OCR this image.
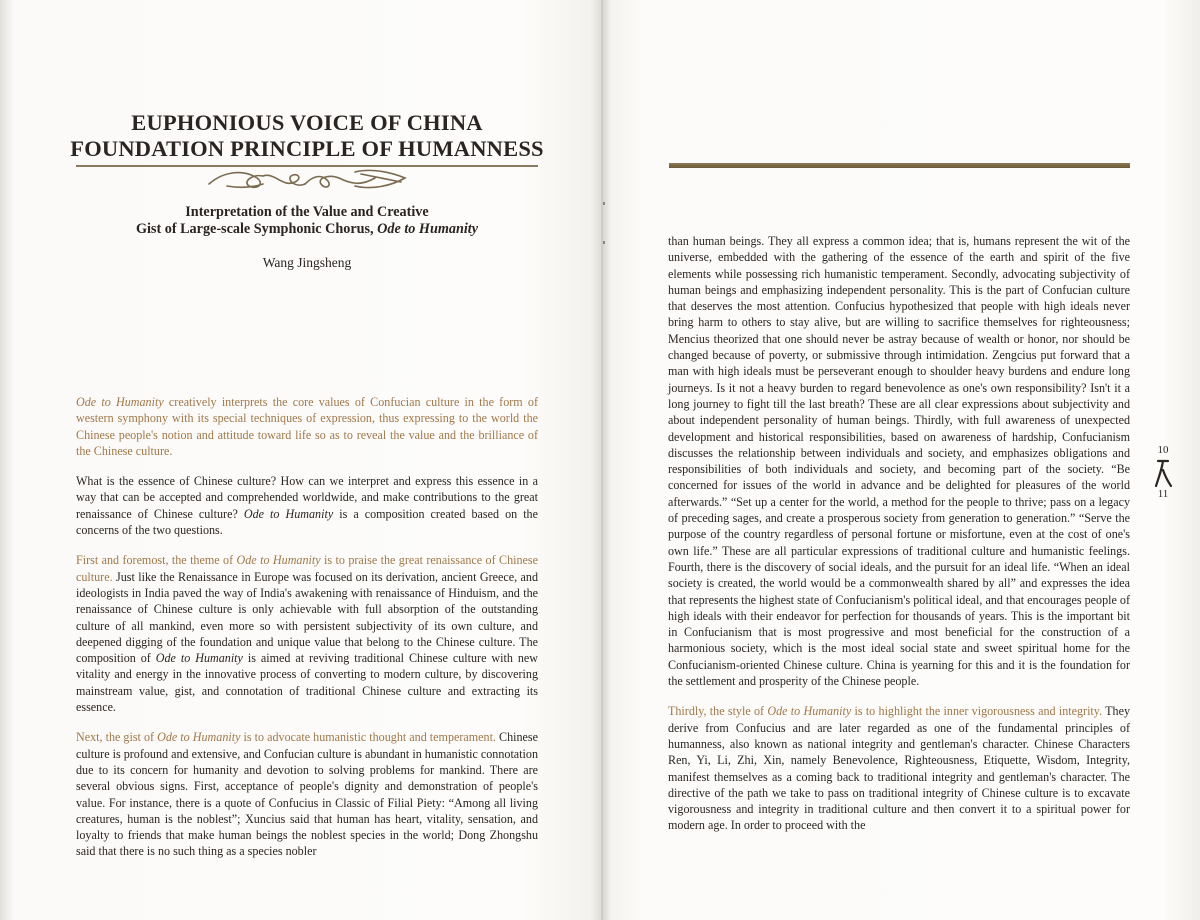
EUPHONIOUS VOICE OF CHINA
FOUNDATION PRINCIPLE OF HUMANNESS
Interpretation of the Value and Creative
Gist of Large-scale Symphonic Chorus, Ode to Humanity
Wang Jingsheng

Ode to Humanity creatively interprets the core values of Confucian culture in the form of western symphony with its special techniques of expression, thus expressing to the world the Chinese people's notion and attitude toward life so as to reveal the value and the brilliance of the Chinese culture.

What is the essence of Chinese culture? How can we interpret and express this essence in a way that can be accepted and comprehended worldwide, and make contributions to the great renaissance of Chinese culture? Ode to Humanity is a composition created based on the concerns of the two questions.

First and foremost, the theme of Ode to Humanity is to praise the great renaissance of Chinese culture. Just like the Renaissance in Europe was focused on its derivation, ancient Greece, and ideologists in India paved the way of India's awakening with renaissance of Hinduism, and the renaissance of Chinese culture is only achievable with full absorption of the outstanding culture of all mankind, even more so with persistent subjectivity of its own culture, and deepened digging of the foundation and unique value that belong to the Chinese culture. The composition of Ode to Humanity is aimed at reviving traditional Chinese culture with new vitality and energy in the innovative process of converting to modern culture, by discovering mainstream value, gist, and connotation of traditional Chinese culture and extracting its essence.

Next, the gist of Ode to Humanity is to advocate humanistic thought and temperament. Chinese culture is profound and extensive, and Confucian culture is abundant in humanistic connotation due to its concern for humanity and devotion to solving problems for mankind. There are several obvious signs. First, acceptance of people's dignity and demonstration of people's value. For instance, there is a quote of Confucius in Classic of Filial Piety: “Among all living creatures, human is the noblest”; Xuncius said that human has heart, vitality, sensation, and loyalty to friends that make human beings the noblest species in the world; Dong Zhongshu said that there is no such thing as a species nobler

than human beings. They all express a common idea; that is, humans represent the wit of the universe, embedded with the gathering of the essence of the earth and spirit of the five elements while possessing rich humanistic temperament. Secondly, advocating subjectivity of human beings and emphasizing independent personality. This is the part of Confucian culture that deserves the most attention. Confucius hypothesized that people with high ideals never bring harm to others to stay alive, but are willing to sacrifice themselves for righteousness; Mencius theorized that one should never be astray because of wealth or honor, nor should be changed because of poverty, or submissive through intimidation. Zengcius put forward that a man with high ideals must be perseverant enough to shoulder heavy burdens and endure long journeys. Is it not a heavy burden to regard benevolence as one's own responsibility? Isn't it a long journey to fight till the last breath? These are all clear expressions about subjectivity and about independent personality of human beings. Thirdly, with full awareness of unexpected development and historical responsibilities, based on awareness of hardship, Confucianism discusses the relationship between individuals and society, and emphasizes obligations and responsibilities of both individuals and society, and becoming part of the society. “Be concerned for issues of the world in advance and be delighted for pleasures of the world afterwards.” “Set up a center for the world, a method for the people to thrive; pass on a legacy of preceding sages, and create a prosperous society from generation to generation.” “Serve the purpose of the country regardless of personal fortune or misfortune, even at the cost of one's own life.” These are all particular expressions of traditional culture and humanistic feelings. Fourth, there is the discovery of social ideals, and the pursuit for an ideal life. “When an ideal society is created, the world would be a commonwealth shared by all” and expresses the idea that represents the highest state of Confucianism's political ideal, and that encourages people of high ideals with their endeavor for perfection for thousands of years. This is the important bit in Confucianism that is most progressive and most beneficial for the construction of a harmonious society, which is the most ideal social state and sweet spiritual home for the Confucianism-oriented Chinese culture. China is yearning for this and it is the foundation for the settlement and prosperity of the Chinese people.

Thirdly, the style of Ode to Humanity is to highlight the inner vigorousness and integrity. They derive from Confucius and are later regarded as one of the fundamental principles of humanness, also known as national integrity and gentleman's character. Chinese Characters Ren, Yi, Li, Zhi, Xin, namely Benevolence, Righteousness, Etiquette, Wisdom, Integrity, manifest themselves as a coming back to traditional integrity and gentleman's character. The directive of the path we take to pass on traditional integrity of Chinese culture is to excavate vigorousness and integrity in traditional culture and then convert it to a spiritual power for modern age. In order to proceed with the

10
11
